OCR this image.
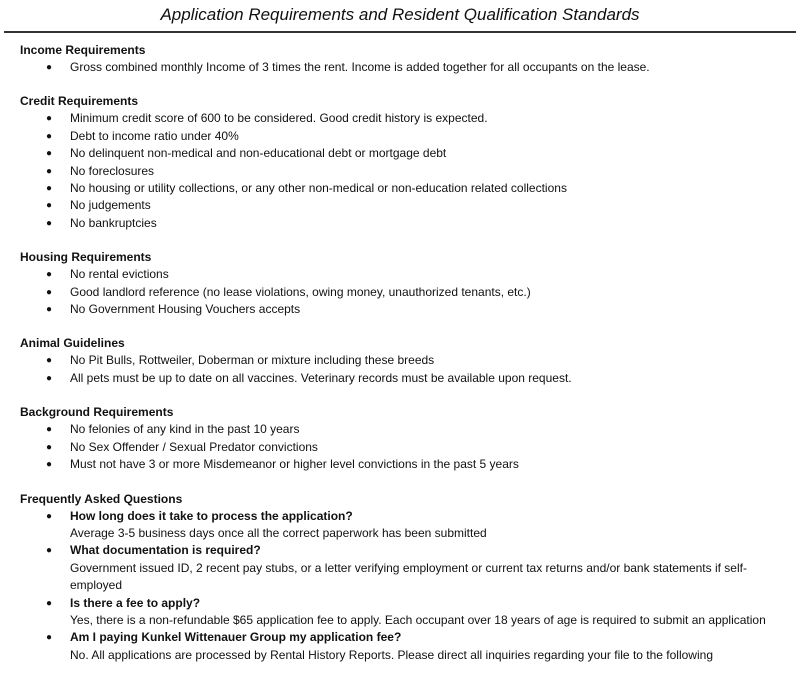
Application Requirements and Resident Qualification Standards

Income Requirements

● Gross combined monthly Income of 3 times the rent. Income is added together for all occupants on the lease.

Credit Requirements

● Minimum credit score of 600 to be considered. Good credit history is expected.
● Debt to income ratio under 40%
● No delinquent non-medical and non-educational debt or mortgage debt
● No foreclosures
● No housing or utility collections, or any other non-medical or non-education related collections
● No judgements
● No bankruptcies

Housing Requirements

● No rental evictions
● Good landlord reference (no lease violations, owing money, unauthorized tenants, etc.)
● No Government Housing Vouchers accepts

Animal Guidelines

● No Pit Bulls, Rottweiler, Doberman or mixture including these breeds
● All pets must be up to date on all vaccines. Veterinary records must be available upon request.

Background Requirements

● No felonies of any kind in the past 10 years
● No Sex Offender / Sexual Predator convictions
● Must not have 3 or more Misdemeanor or higher level convictions in the past 5 years

Frequently Asked Questions

● How long does it take to process the application?
Average 3-5 business days once all the correct paperwork has been submitted
● What documentation is required?
Government issued ID, 2 recent pay stubs, or a letter verifying employment or current tax returns and/or bank statements if self-employed
● Is there a fee to apply?
Yes, there is a non-refundable $65 application fee to apply. Each occupant over 18 years of age is required to submit an application
● Am I paying Kunkel Wittenauer Group my application fee?
No. All applications are processed by Rental History Reports. Please direct all inquiries regarding your file to the following
